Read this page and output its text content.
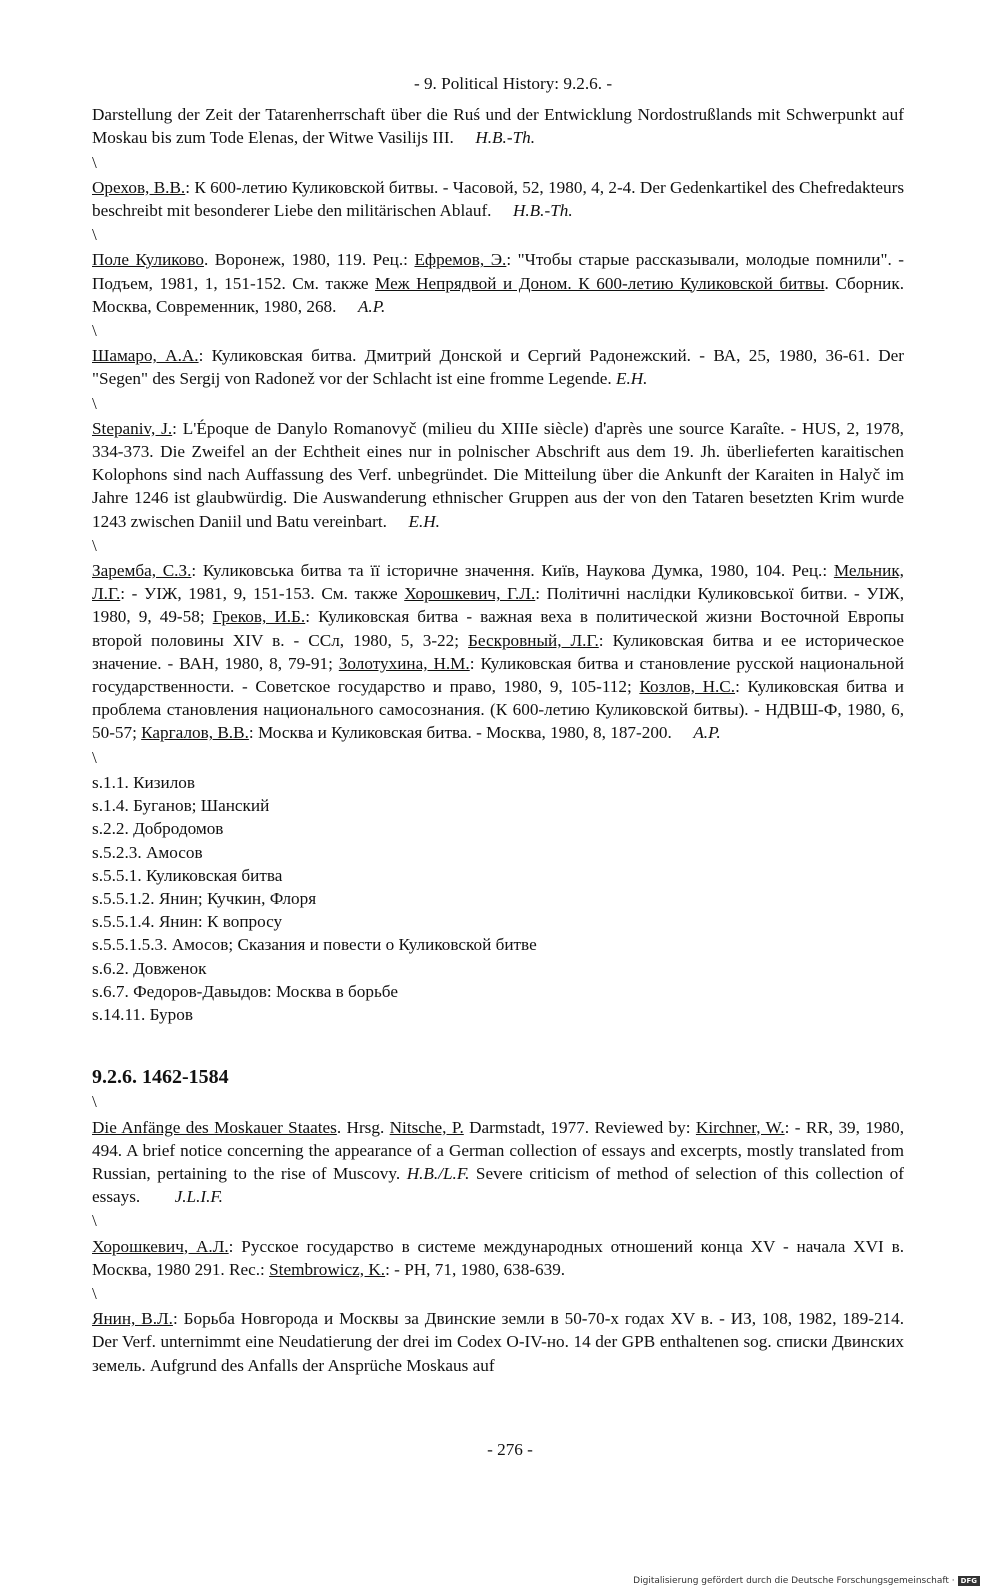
- 9. Political History: 9.2.6. -

Darstellung der Zeit der Tatarenherrschaft über die Ruś und der Entwicklung Nordostrußlands mit Schwerpunkt auf Moskau bis zum Tode Elenas, der Witwe Vasilijs III.     H.B.-Th.

\

Орехов, В.В.: К 600-летию Куликовской битвы. - Часовой, 52, 1980, 4, 2-4. Der Gedenkartikel des Chefredakteurs beschreibt mit besonderer Liebe den militärischen Ablauf.     H.B.-Th.

\

Поле Куликово. Воронеж, 1980, 119. Рец.: Ефремов, Э.: "Чтобы старые рассказывали, молодые помнили". - Подъем, 1981, 1, 151-152. См. также Меж Непрядвой и Доном. К 600-летию Куликовской битвы. Сборник. Москва, Современник, 1980, 268.     A.P.

\

Шамаро, А.А.: Куликовская битва. Дмитрий Донской и Сергий Радонежский. - ВА, 25, 1980, 36-61. Der "Segen" des Sergij von Radonež vor der Schlacht ist eine fromme Legende. E.H.

\

Stepaniv, J.: L'Époque de Danylo Romanovyč (milieu du XIIIe siècle) d'après une source Karaîte. - HUS, 2, 1978, 334-373. Die Zweifel an der Echtheit eines nur in polnischer Abschrift aus dem 19. Jh. überlieferten karaitischen Kolophons sind nach Auffassung des Verf. unbegründet. Die Mitteilung über die Ankunft der Karaiten in Halyč im Jahre 1246 ist glaubwürdig. Die Auswanderung ethnischer Gruppen aus der von den Tataren besetzten Krim wurde 1243 zwischen Daniil und Batu vereinbart.     E.H.

\

Заремба, С.З.: Куликовська битва та її історичне значення. Київ, Наукова Думка, 1980, 104. Рец.: Мельник, Л.Г.: - УІЖ, 1981, 9, 151-153. См. также Хорошкевич, Г.Л.: Політичні наслідки Куликовської битви. - УІЖ, 1980, 9, 49-58; Греков, И.Б.: Куликовская битва - важная веха в политической жизни Восточной Европы второй половины XIV в. - ССл, 1980, 5, 3-22; Бескровный, Л.Г.: Куликовская битва и ее историческое значение. - ВАН, 1980, 8, 79-91; Золотухина, Н.М.: Куликовская битва и становление русской национальной государственности. - Советское государство и право, 1980, 9, 105-112; Козлов, Н.С.: Куликовская битва и проблема становления национального самосознания. (К 600-летию Куликовской битвы). - НДВШ-Ф, 1980, 6, 50-57; Каргалов, В.В.: Москва и Куликовская битва. - Москва, 1980, 8, 187-200.     A.P.

\
s.1.1. Кизилов
s.1.4. Буганов; Шанский
s.2.2. Добродомов
s.5.2.3. Амосов
s.5.5.1. Куликовская битва
s.5.5.1.2. Янин; Кучкин, Флоря
s.5.5.1.4. Янин: К вопросу
s.5.5.1.5.3. Амосов; Сказания и повести о Куликовской битве
s.6.2. Довженок
s.6.7. Федоров-Давыдов: Москва в борьбе
s.14.11. Буров
9.2.6. 1462-1584
\

Die Anfänge des Moskauer Staates. Hrsg. Nitsche, P. Darmstadt, 1977. Reviewed by: Kirchner, W.: - RR, 39, 1980, 494. A brief notice concerning the appearance of a German collection of essays and excerpts, mostly translated from Russian, pertaining to the rise of Muscovy. H.B./L.F. Severe criticism of method of selection of this collection of essays.        J.L.I.F.

\

Хорошкевич, А.Л.: Русское государство в системе международных отношений конца XV - начала XVI в. Москва, 1980 291. Rec.: Stembrowicz, K.: - PH, 71, 1980, 638-639.

\

Янин, В.Л.: Борьба Новгорода и Москвы за Двинские земли в 50-70-х годах XV в. - ИЗ, 108, 1982, 189-214. Der Verf. unternimmt eine Neudatierung der drei im Codex O-IV-но. 14 der GPB enthaltenen sog. списки Двинских земель. Aufgrund des Anfalls der Ansprüche Moskaus auf

- 276 -
Digitalisierung gefördert durch die Deutsche Forschungsgemeinschaft · DFG
